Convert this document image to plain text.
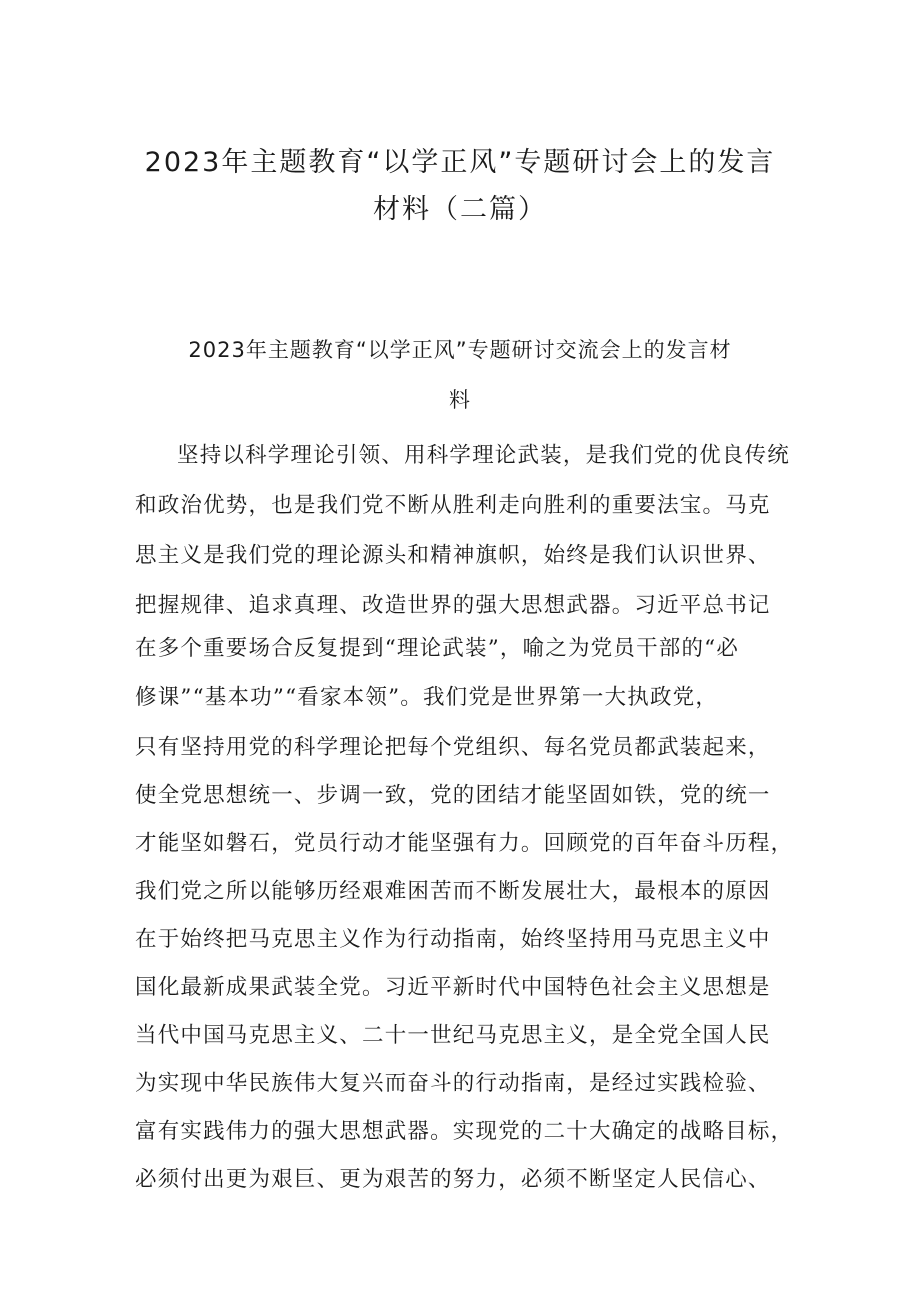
2023年主题教育“以学正风”专题研讨会上的发言
材料（二篇）
2023年主题教育“以学正风”专题研讨交流会上的发言材
料
坚持以科学理论引领、用科学理论武装，是我们党的优良传统
和政治优势，也是我们党不断从胜利走向胜利的重要法宝。马克
思主义是我们党的理论源头和精神旗帜，始终是我们认识世界、
把握规律、追求真理、改造世界的强大思想武器。习近平总书记
在多个重要场合反复提到“理论武装”，喻之为党员干部的“必
修课”“基本功”“看家本领”。我们党是世界第一大执政党，
只有坚持用党的科学理论把每个党组织、每名党员都武装起来，
使全党思想统一、步调一致，党的团结才能坚固如铁，党的统一
才能坚如磐石，党员行动才能坚强有力。回顾党的百年奋斗历程，
我们党之所以能够历经艰难困苦而不断发展壮大，最根本的原因
在于始终把马克思主义作为行动指南，始终坚持用马克思主义中
国化最新成果武装全党。习近平新时代中国特色社会主义思想是
当代中国马克思主义、二十一世纪马克思主义，是全党全国人民
为实现中华民族伟大复兴而奋斗的行动指南，是经过实践检验、
富有实践伟力的强大思想武器。实现党的二十大确定的战略目标，
必须付出更为艰巨、更为艰苦的努力，必须不断坚定人民信心、
